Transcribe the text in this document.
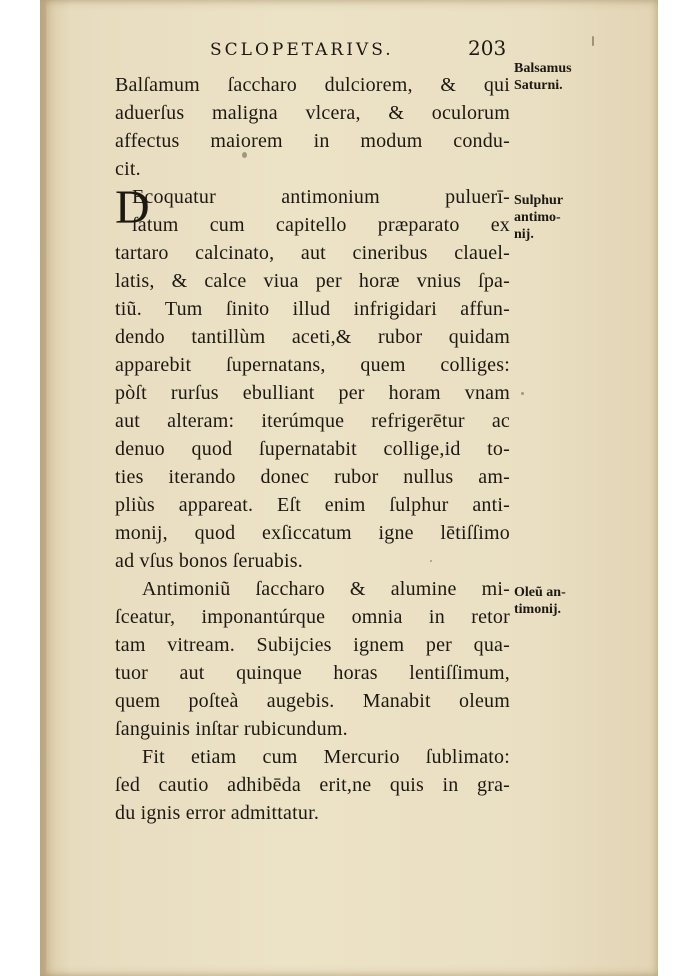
SCLOPETARIVS.	203
Balſamum ſaccharo dulciorem, & qui
aduerſus maligna vlcera, & oculorum
affectus maiorem in modum condu-
cit.
D
Ecoquatur antimonium puluerī-
ſatum cum capitello præparato ex
tartaro calcinato, aut cineribus clauel-
latis, & calce viua per horæ vnius ſpa-
tiũ. Tum ſinito illud infrigidari affun-
dendo tantillùm aceti,& rubor quidam
apparebit ſupernatans, quem colliges:
pòſt rurſus ebulliant per horam vnam
aut alteram: iterúmque refrigerētur ac
denuo quod ſupernatabit collige,id to-
ties iterando donec rubor nullus am-
pliùs appareat. Eſt enim ſulphur anti-
monij, quod exſiccatum igne lētiſſimo
ad vſus bonos ſeruabis.
Antimoniũ ſaccharo & alumine mi-
ſceatur, imponantúrque omnia in retor
tam vitream. Subijcies ignem per qua-
tuor aut quinque horas lentiſſimum,
quem poſteà augebis. Manabit oleum
ſanguinis inſtar rubicundum.
Fit etiam cum Mercurio ſublimato:
ſed cautio adhibēda erit,ne quis in gra-
du ignis error admittatur.
Balsamus
Saturni.
Sulphur
antimo-
nij.
Oleũ an-
timonij.
